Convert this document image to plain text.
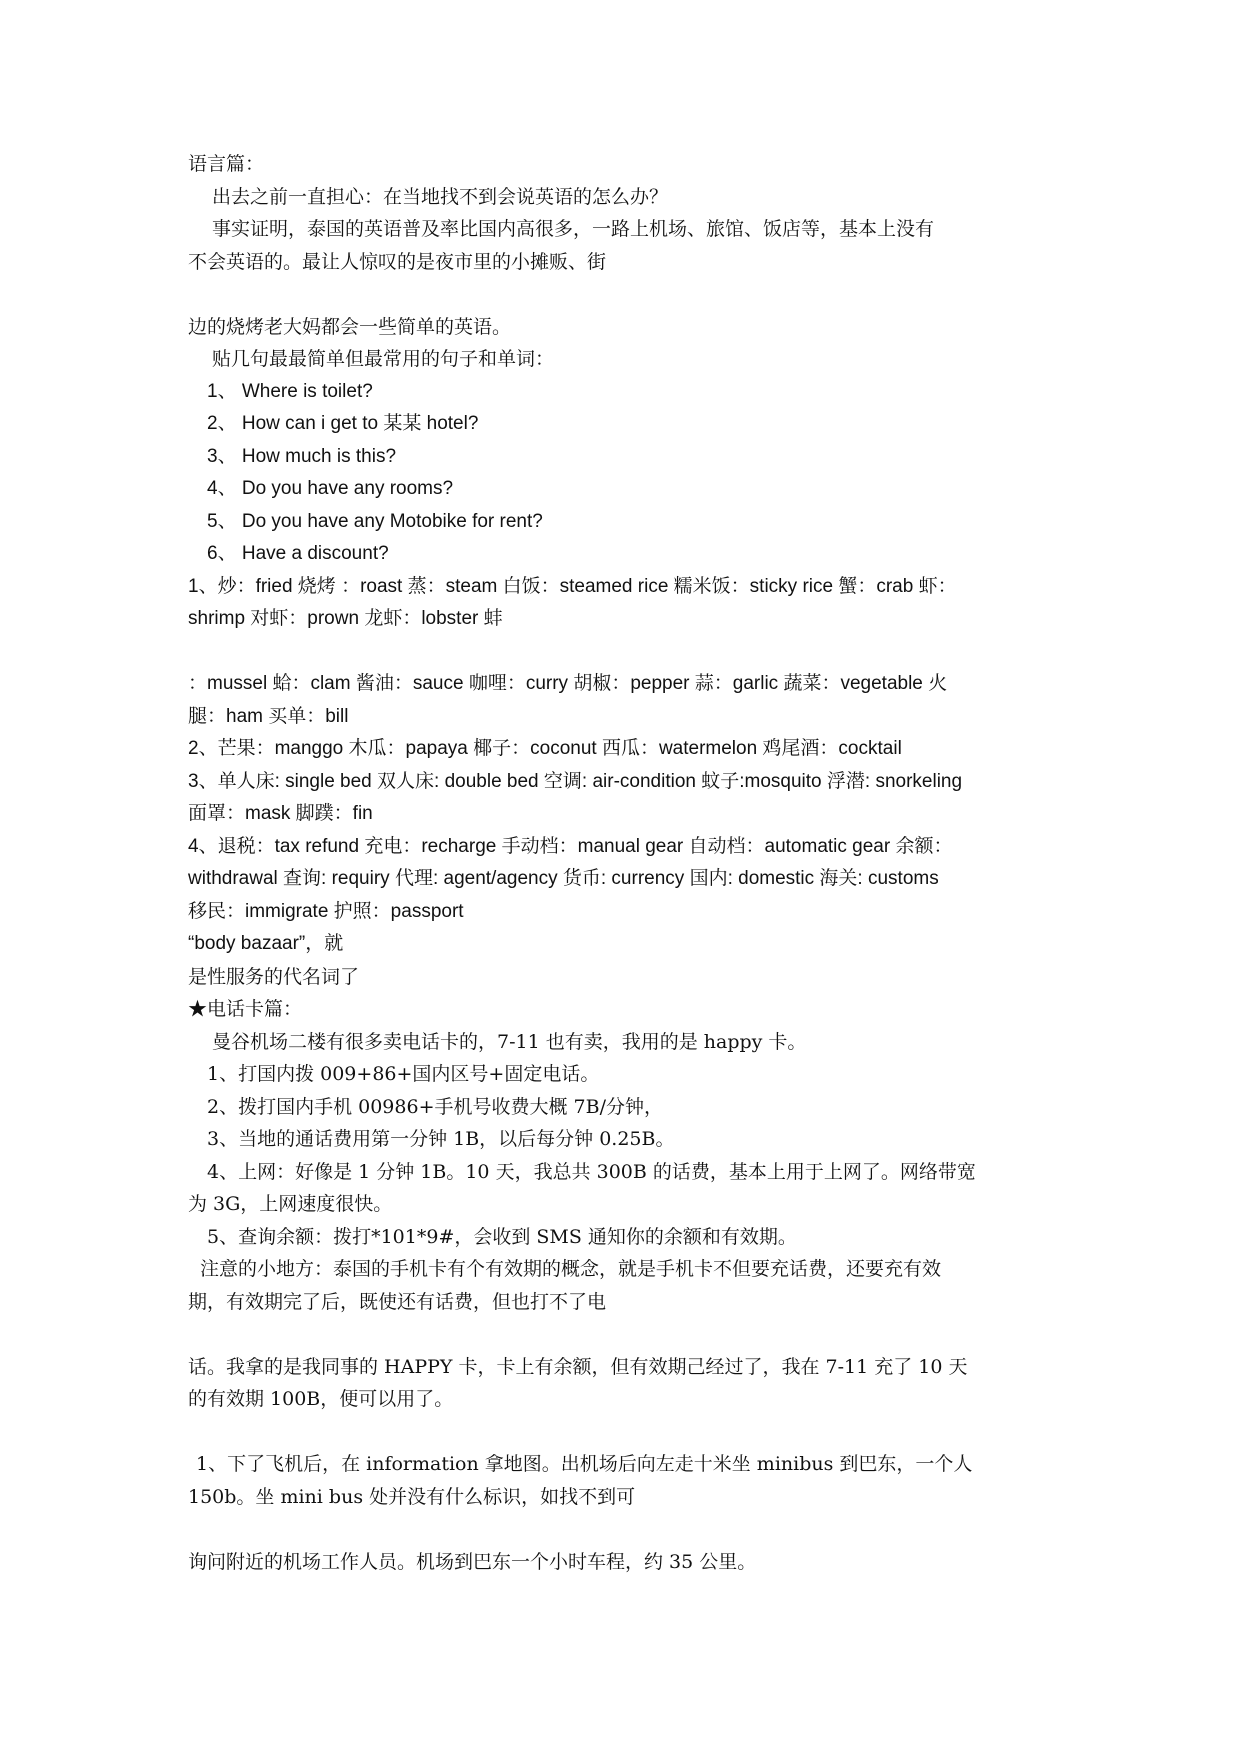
语言篇：
出去之前一直担心：在当地找不到会说英语的怎么办？
事实证明，泰国的英语普及率比国内高很多，一路上机场、旅馆、饭店等，基本上没有
不会英语的。最让人惊叹的是夜市里的小摊贩、街
边的烧烤老大妈都会一些简单的英语。
贴几句最最简单但最常用的句子和单词：
1、 Where is toilet?
2、 How can i get to 某某 hotel?
3、 How much is this?
4、 Do you have any rooms?
5、 Do you have any Motobike for rent?
6、 Have a discount?
1、炒：fried 烧烤 ：roast 蒸：steam 白饭：steamed rice 糯米饭：sticky rice 蟹：crab 虾：
shrimp 对虾：prown 龙虾：lobster 蚌
：mussel 蛤：clam 酱油：sauce 咖哩：curry 胡椒：pepper 蒜：garlic 蔬菜：vegetable 火
腿：ham 买单：bill
2、芒果：manggo 木瓜：papaya 椰子：coconut 西瓜：watermelon 鸡尾酒：cocktail
3、单人床: single bed 双人床: double bed 空调: air-condition 蚊子:mosquito 浮潜: snorkeling
面罩：mask 脚蹼：fin
4、退税：tax refund 充电：recharge 手动档：manual gear 自动档：automatic gear 余额：
withdrawal 查询: requiry 代理: agent/agency 货币: currency 国内: domestic 海关: customs
移民：immigrate 护照：passport
“body bazaar”，就
是性服务的代名词了
★电话卡篇：
曼谷机场二楼有很多卖电话卡的，7-11 也有卖，我用的是 happy 卡。
1、打国内拨 009+86+国内区号+固定电话。
2、拨打国内手机 00986+手机号收费大概 7B/分钟，
3、当地的通话费用第一分钟 1B，以后每分钟 0.25B。
4、上网：好像是 1 分钟 1B。10 天，我总共 300B 的话费，基本上用于上网了。网络带宽
为 3G，上网速度很快。
5、查询余额：拨打*101*9#，会收到 SMS 通知你的余额和有效期。
注意的小地方：泰国的手机卡有个有效期的概念，就是手机卡不但要充话费，还要充有效
期，有效期完了后，既使还有话费，但也打不了电
话。我拿的是我同事的 HAPPY 卡，卡上有余额，但有效期己经过了，我在 7-11 充了 10 天
的有效期 100B，便可以用了。
1、下了飞机后，在 information 拿地图。出机场后向左走十米坐 minibus 到巴东，一个人
150b。坐 mini bus 处并没有什么标识，如找不到可
询问附近的机场工作人员。机场到巴东一个小时车程，约 35 公里。
